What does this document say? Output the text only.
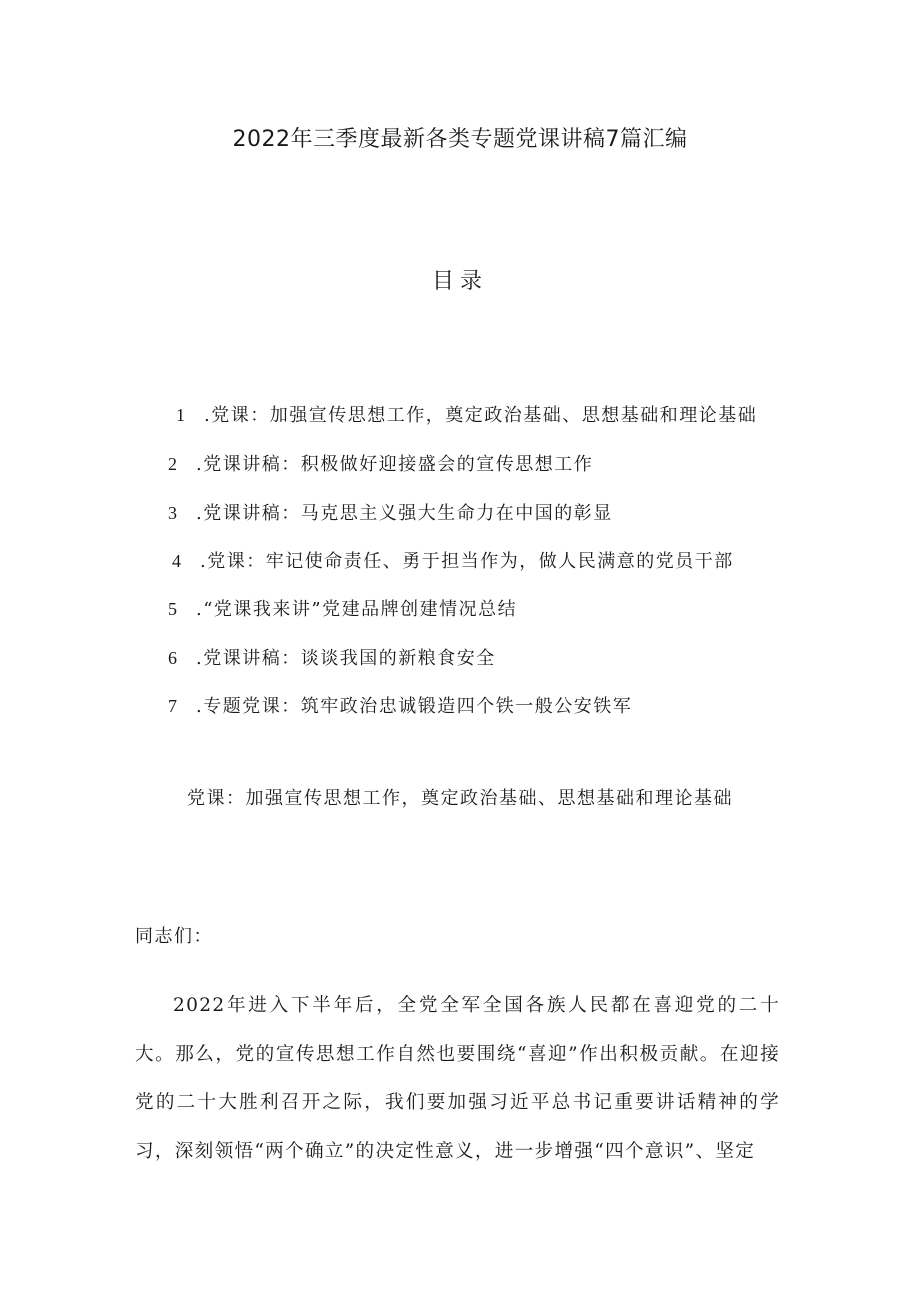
2022年三季度最新各类专题党课讲稿7篇汇编
目录
1 .党课：加强宣传思想工作，奠定政治基础、思想基础和理论基础
2 .党课讲稿：积极做好迎接盛会的宣传思想工作
3 .党课讲稿：马克思主义强大生命力在中国的彰显
4 .党课：牢记使命责任、勇于担当作为，做人民满意的党员干部
5 .“党课我来讲”党建品牌创建情况总结
6 .党课讲稿：谈谈我国的新粮食安全
7 .专题党课：筑牢政治忠诚锻造四个铁一般公安铁军
党课：加强宣传思想工作，奠定政治基础、思想基础和理论基础
同志们：

2022年进入下半年后，全党全军全国各族人民都在喜迎党的二十大。那么，党的宣传思想工作自然也要围绕“喜迎”作出积极贡献。在迎接党的二十大胜利召开之际，我们要加强习近平总书记重要讲话精神的学习，深刻领悟“两个确立”的决定性意义，进一步增强“四个意识”、坚定
